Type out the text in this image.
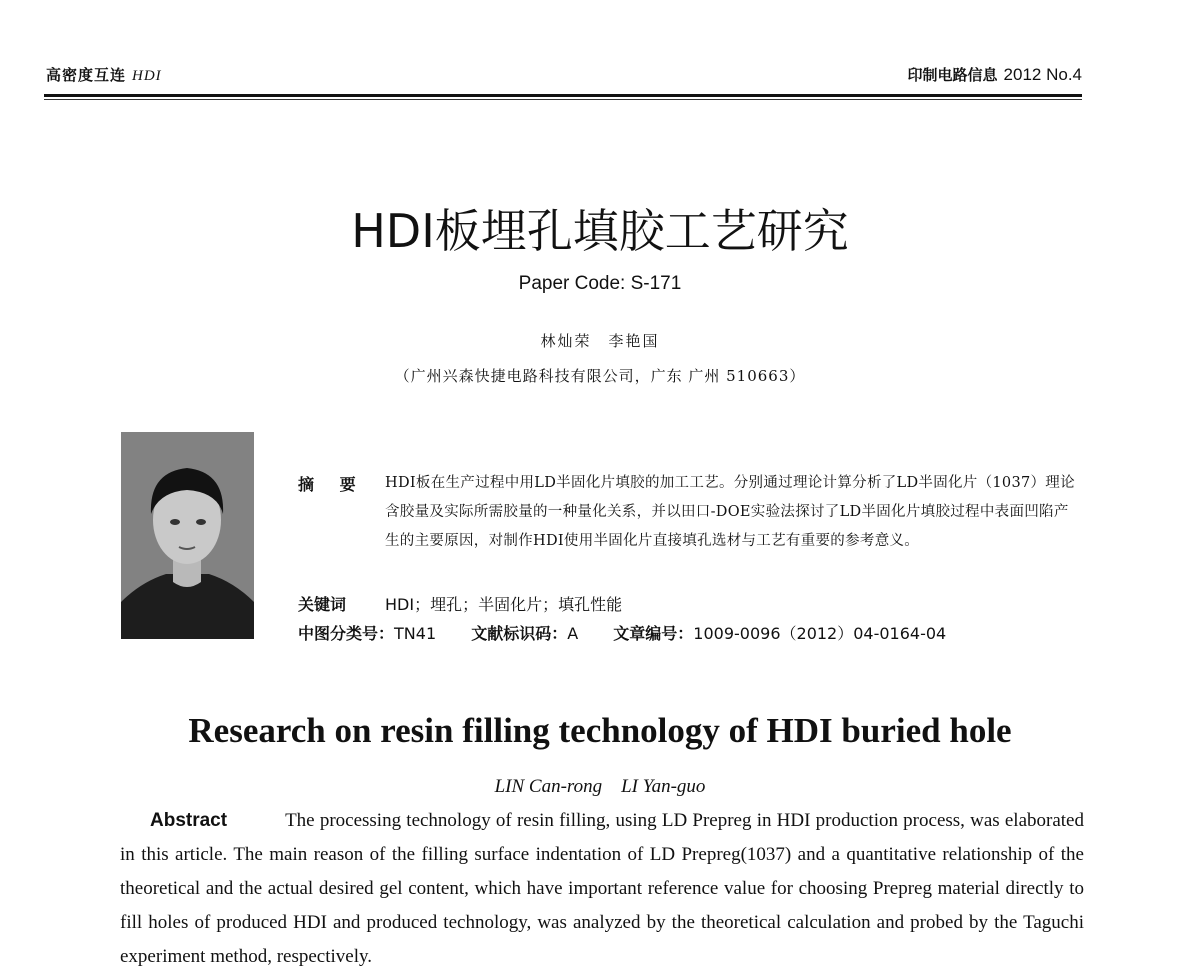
高密度互连 HDI	印制电路信息 2012 No.4
HDI板埋孔填胶工艺研究
Paper Code: S-171
林灿荣　李艳国
（广州兴森快捷电路科技有限公司，广东 广州 510663）
摘 要 HDI板在生产过程中用LD半固化片填胶的加工工艺。分别通过理论计算分析了LD半固化片（1037）理论含胶量及实际所需胶量的一种量化关系，并以田口-DOE实验法探讨了LD半固化片填胶过程中表面凹陷产生的主要原因，对制作HDI使用半固化片直接填孔选材与工艺有重要的参考意义。
关键词 HDI；埋孔；半固化片；填孔性能
中图分类号：TN41 文献标识码：A 文章编号：1009-0096（2012）04-0164-04
Research on resin filling technology of HDI buried hole
LIN Can-rong　LI Yan-guo
Abstract	The processing technology of resin filling, using LD Prepreg in HDI production process, was elaborated in this article. The main reason of the filling surface indentation of LD Prepreg(1037) and a quantitative relationship of the theoretical and the actual desired gel content, which have important reference value for choosing Prepreg material directly to fill holes of produced HDI and produced technology, was analyzed by the theoretical calculation and probed by the Taguchi experiment method, respectively.
